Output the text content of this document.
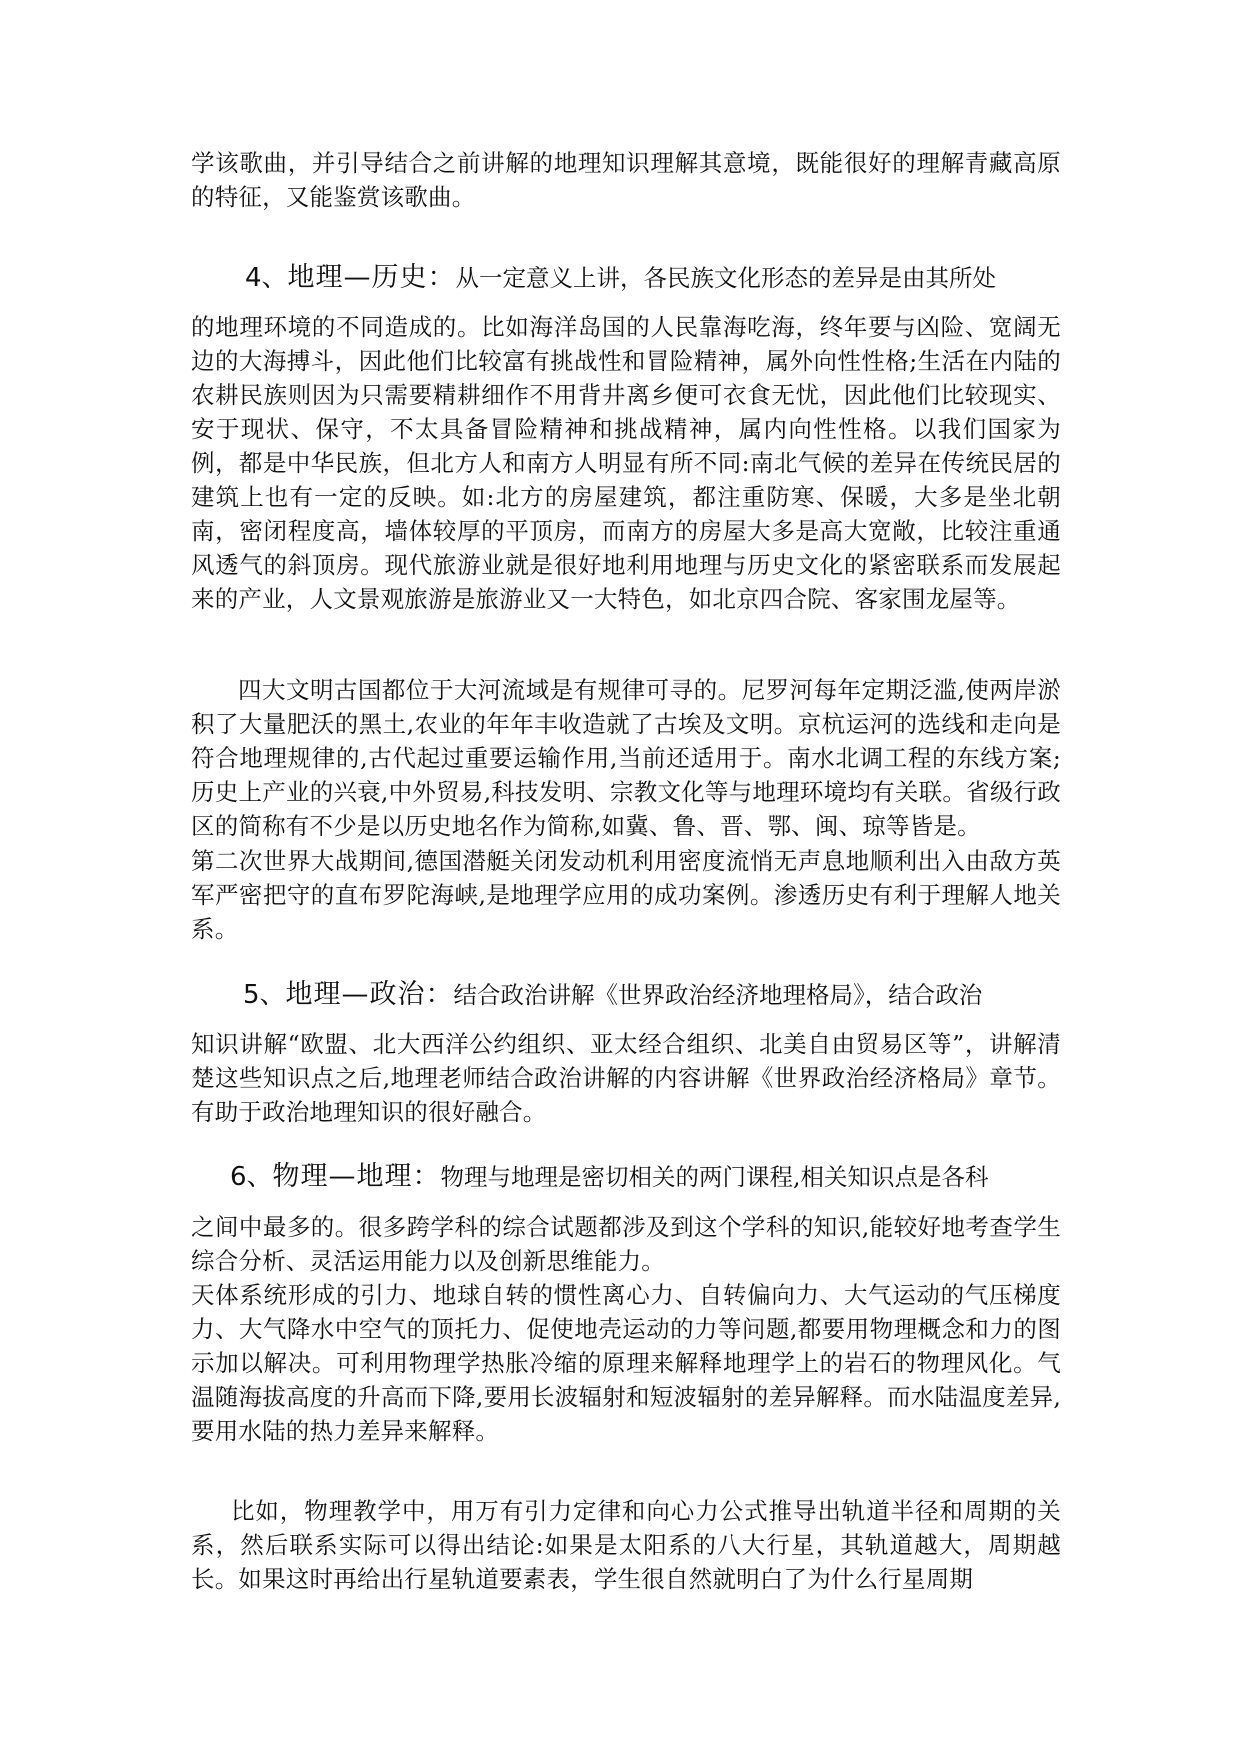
学该歌曲，并引导结合之前讲解的地理知识理解其意境，既能很好的理解青藏高原的特征，又能鉴赏该歌曲。
4、地理—历史：从一定意义上讲，各民族文化形态的差异是由其所处
的地理环境的不同造成的。比如海洋岛国的人民靠海吃海，终年要与凶险、宽阔无边的大海搏斗，因此他们比较富有挑战性和冒险精神，属外向性性格;生活在内陆的农耕民族则因为只需要精耕细作不用背井离乡便可衣食无忧，因此他们比较现实、安于现状、保守，不太具备冒险精神和挑战精神，属内向性性格。以我们国家为例，都是中华民族，但北方人和南方人明显有所不同:南北气候的差异在传统民居的建筑上也有一定的反映。如:北方的房屋建筑，都注重防寒、保暖，大多是坐北朝南，密闭程度高，墙体较厚的平顶房，而南方的房屋大多是高大宽敞，比较注重通风透气的斜顶房。现代旅游业就是很好地利用地理与历史文化的紧密联系而发展起来的产业，人文景观旅游是旅游业又一大特色，如北京四合院、客家围龙屋等。
四大文明古国都位于大河流域是有规律可寻的。尼罗河每年定期泛滥,使两岸淤积了大量肥沃的黑土,农业的年年丰收造就了古埃及文明。京杭运河的选线和走向是符合地理规律的,古代起过重要运输作用,当前还适用于。南水北调工程的东线方案;历史上产业的兴衰,中外贸易,科技发明、宗教文化等与地理环境均有关联。省级行政区的简称有不少是以历史地名作为简称,如冀、鲁、晋、鄂、闽、琼等皆是。
第二次世界大战期间,德国潜艇关闭发动机利用密度流悄无声息地顺利出入由敌方英军严密把守的直布罗陀海峡,是地理学应用的成功案例。渗透历史有利于理解人地关系。
5、地理—政治：结合政治讲解《世界政治经济地理格局》，结合政治
知识讲解“欧盟、北大西洋公约组织、亚太经合组织、北美自由贸易区等”，讲解清楚这些知识点之后,地理老师结合政治讲解的内容讲解《世界政治经济格局》章节。有助于政治地理知识的很好融合。
6、物理—地理：物理与地理是密切相关的两门课程,相关知识点是各科
之间中最多的。很多跨学科的综合试题都涉及到这个学科的知识,能较好地考查学生综合分析、灵活运用能力以及创新思维能力。
天体系统形成的引力、地球自转的惯性离心力、自转偏向力、大气运动的气压梯度力、大气降水中空气的顶托力、促使地壳运动的力等问题,都要用物理概念和力的图示加以解决。可利用物理学热胀冷缩的原理来解释地理学上的岩石的物理风化。气温随海拔高度的升高而下降,要用长波辐射和短波辐射的差异解释。而水陆温度差异,要用水陆的热力差异来解释。
比如，物理教学中，用万有引力定律和向心力公式推导出轨道半径和周期的关系，然后联系实际可以得出结论:如果是太阳系的八大行星，其轨道越大，周期越长。如果这时再给出行星轨道要素表，学生很自然就明白了为什么行星周期
